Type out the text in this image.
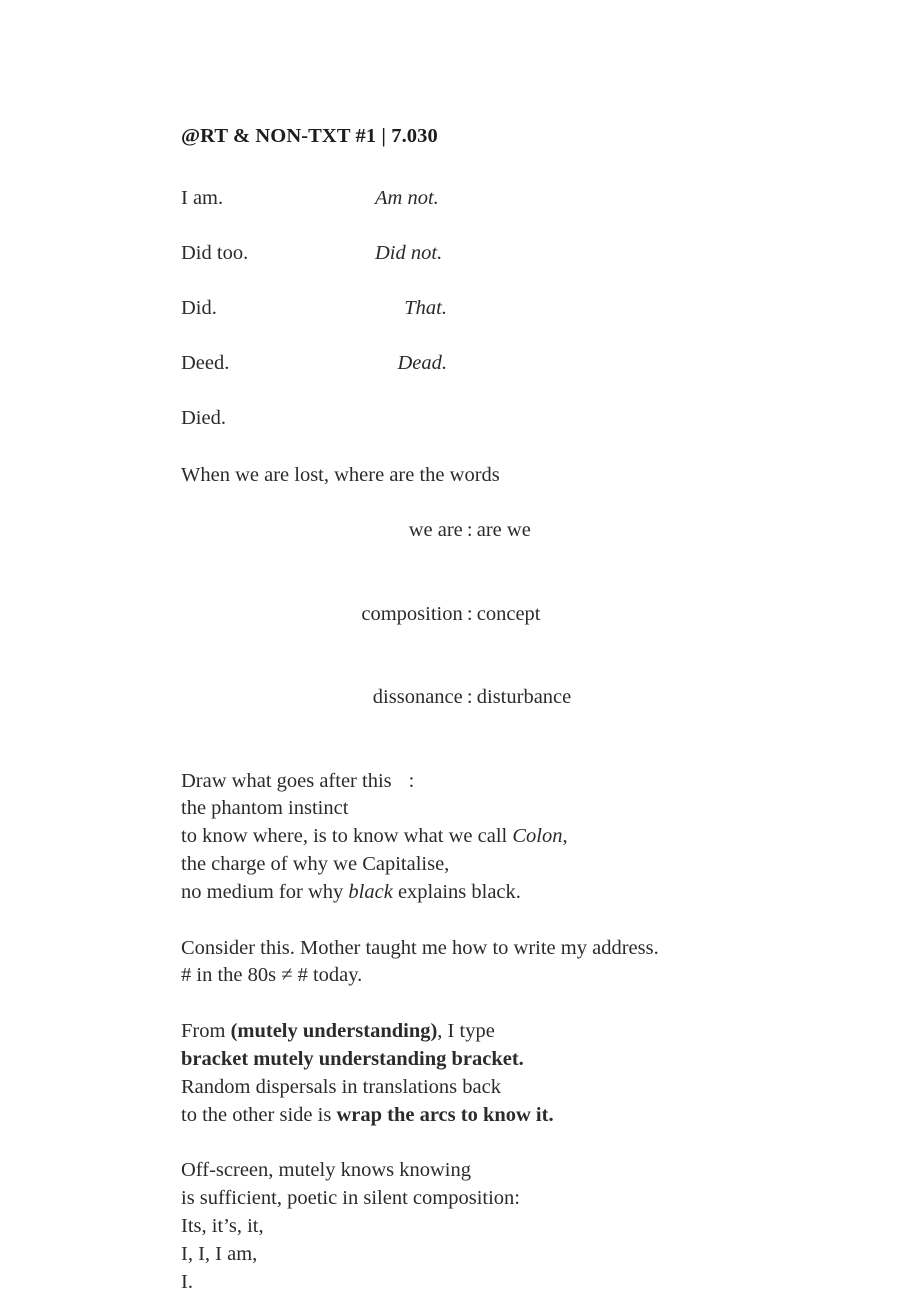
@RT & NON-TXT #1 | 7.030
I am.	Am not.
Did too.	Did not.
Did.	That.
Deed.	Dead.
Died.
When we are lost, where are the words

we are : are we

composition : concept

dissonance : disturbance

Draw what goes after this :
the phantom instinct
to know where, is to know what we call Colon,
the charge of why we Capitalise,
no medium for why black explains black.
Consider this. Mother taught me how to write my address.
# in the 80s ≠ # today.
From (mutely understanding), I type
bracket mutely understanding bracket.
Random dispersals in translations back
to the other side is wrap the arcs to know it.
Off-screen, mutely knows knowing
is sufficient, poetic in silent composition:
Its, it’s, it,
I, I, I am,
I.
